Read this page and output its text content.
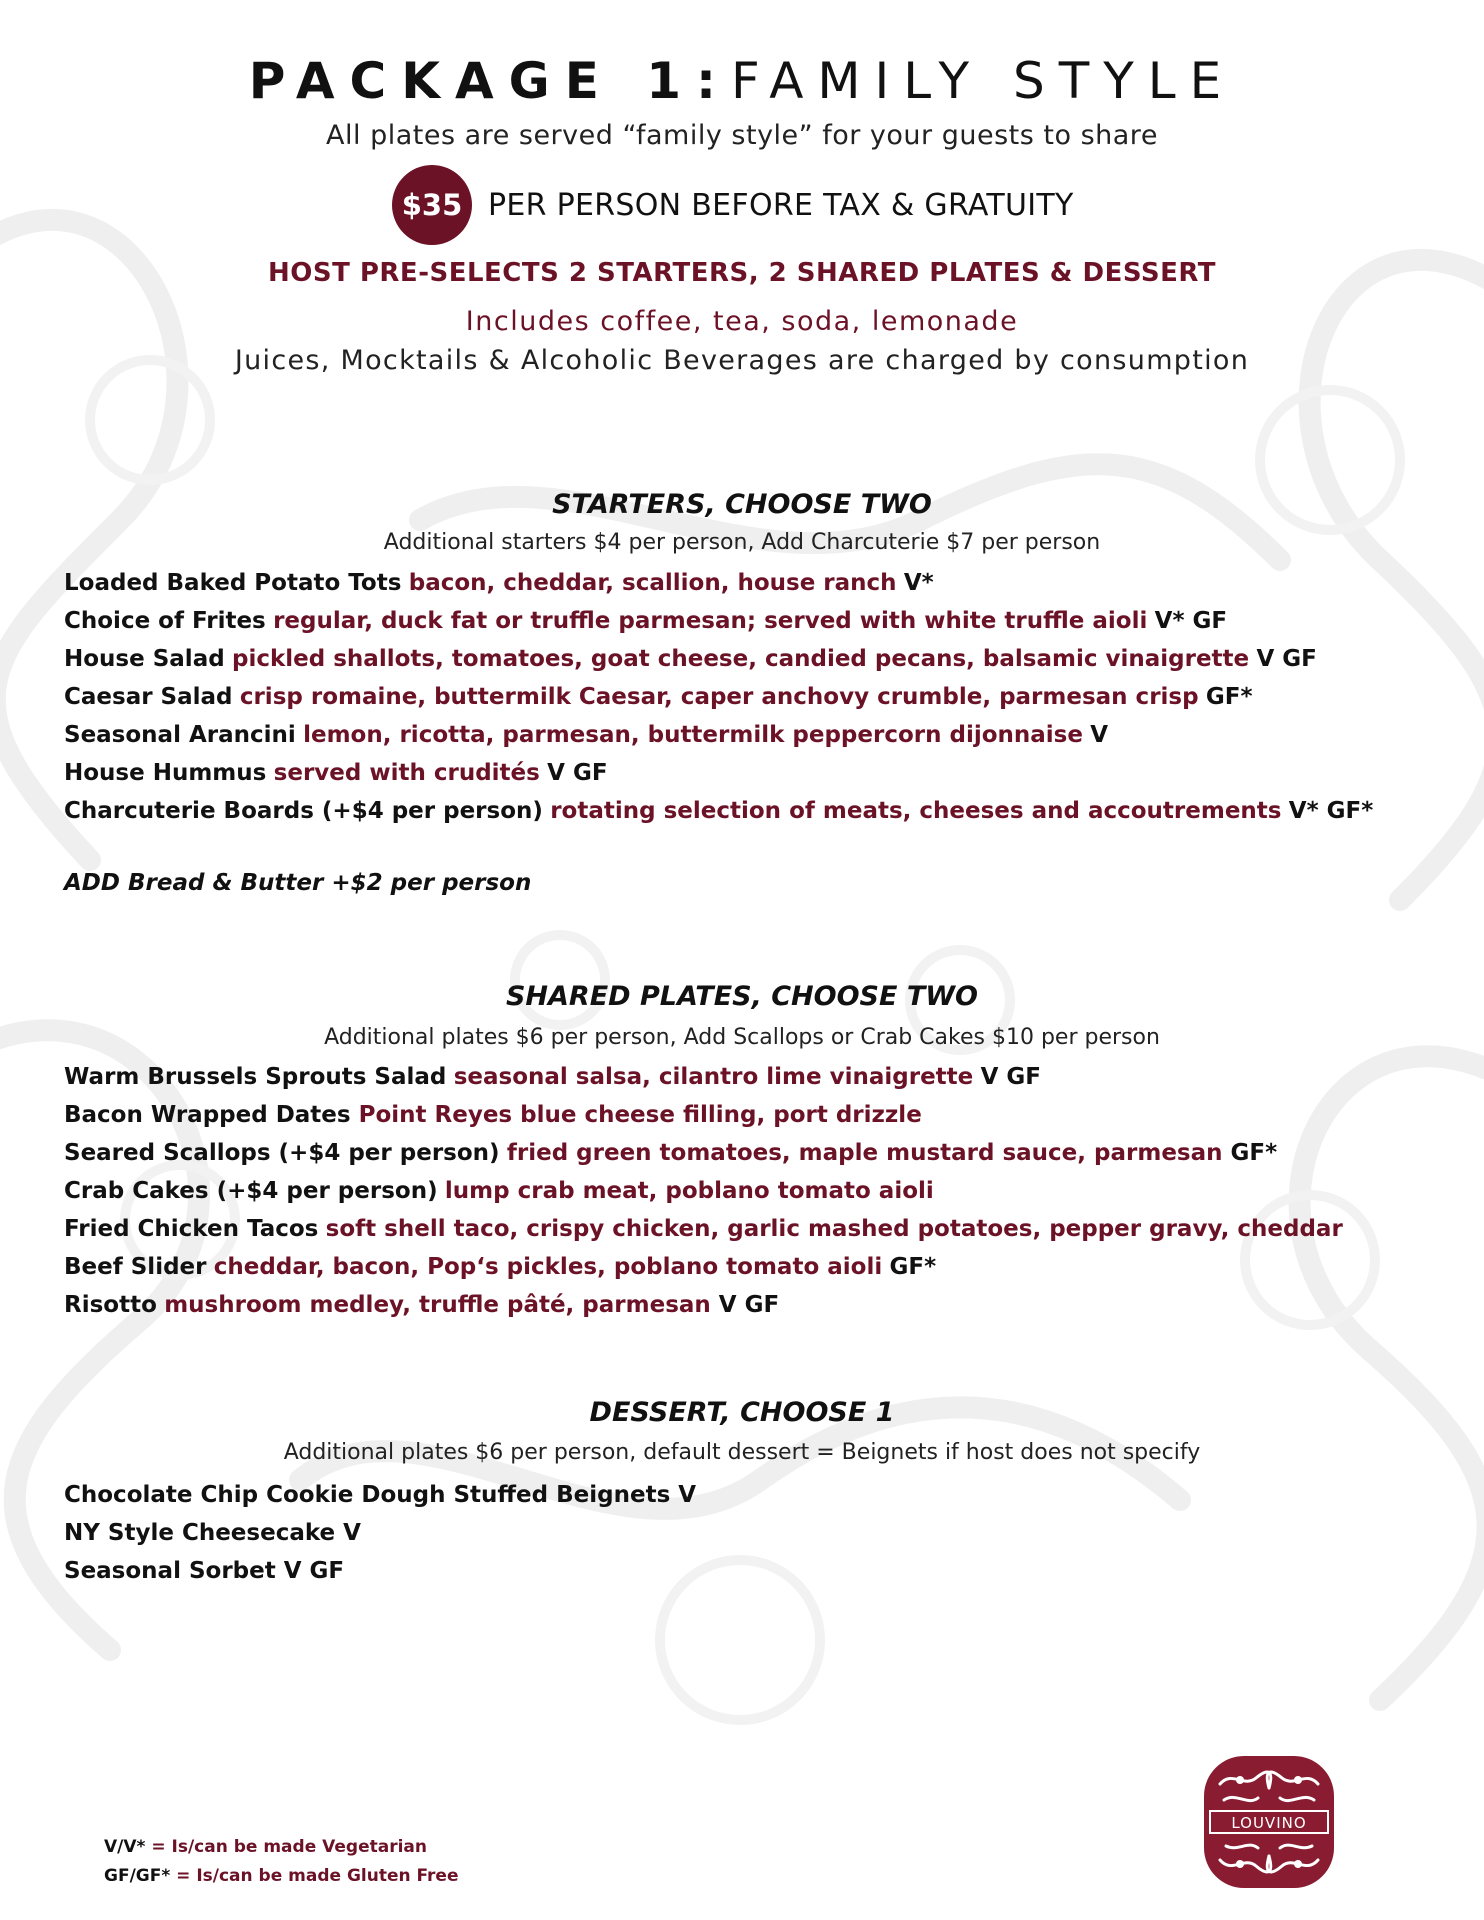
PACKAGE 1:FAMILY STYLE
All plates are served “family style” for your guests to share
$35 PER PERSON BEFORE TAX & GRATUITY
HOST PRE-SELECTS 2 STARTERS, 2 SHARED PLATES & DESSERT
Includes coffee, tea, soda, lemonade
Juices, Mocktails & Alcoholic Beverages are charged by consumption
STARTERS, CHOOSE TWO
Additional starters $4 per person, Add Charcuterie $7 per person
Loaded Baked Potato Tots bacon, cheddar, scallion, house ranch V*
Choice of Frites regular, duck fat or truffle parmesan; served with white truffle aioli V* GF
House Salad pickled shallots, tomatoes, goat cheese, candied pecans, balsamic vinaigrette V GF
Caesar Salad crisp romaine, buttermilk Caesar, caper anchovy crumble, parmesan crisp GF*
Seasonal Arancini lemon, ricotta, parmesan, buttermilk peppercorn dijonnaise V
House Hummus served with crudités V GF
Charcuterie Boards (+$4 per person) rotating selection of meats, cheeses and accoutrements V* GF*
ADD Bread & Butter +$2 per person
SHARED PLATES, CHOOSE TWO
Additional plates $6 per person, Add Scallops or Crab Cakes $10 per person
Warm Brussels Sprouts Salad seasonal salsa, cilantro lime vinaigrette V GF
Bacon Wrapped Dates Point Reyes blue cheese filling, port drizzle
Seared Scallops (+$4 per person) fried green tomatoes, maple mustard sauce, parmesan GF*
Crab Cakes (+$4 per person) lump crab meat, poblano tomato aioli
Fried Chicken Tacos soft shell taco, crispy chicken, garlic mashed potatoes, pepper gravy, cheddar
Beef Slider cheddar, bacon, Pop‘s pickles, poblano tomato aioli GF*
Risotto mushroom medley, truffle pâté, parmesan V GF
DESSERT, CHOOSE 1
Additional plates $6 per person, default dessert = Beignets if host does not specify
Chocolate Chip Cookie Dough Stuffed Beignets V
NY Style Cheesecake V
Seasonal Sorbet V GF
V/V* = Is/can be made Vegetarian
GF/GF* = Is/can be made Gluten Free
LOUVINO
